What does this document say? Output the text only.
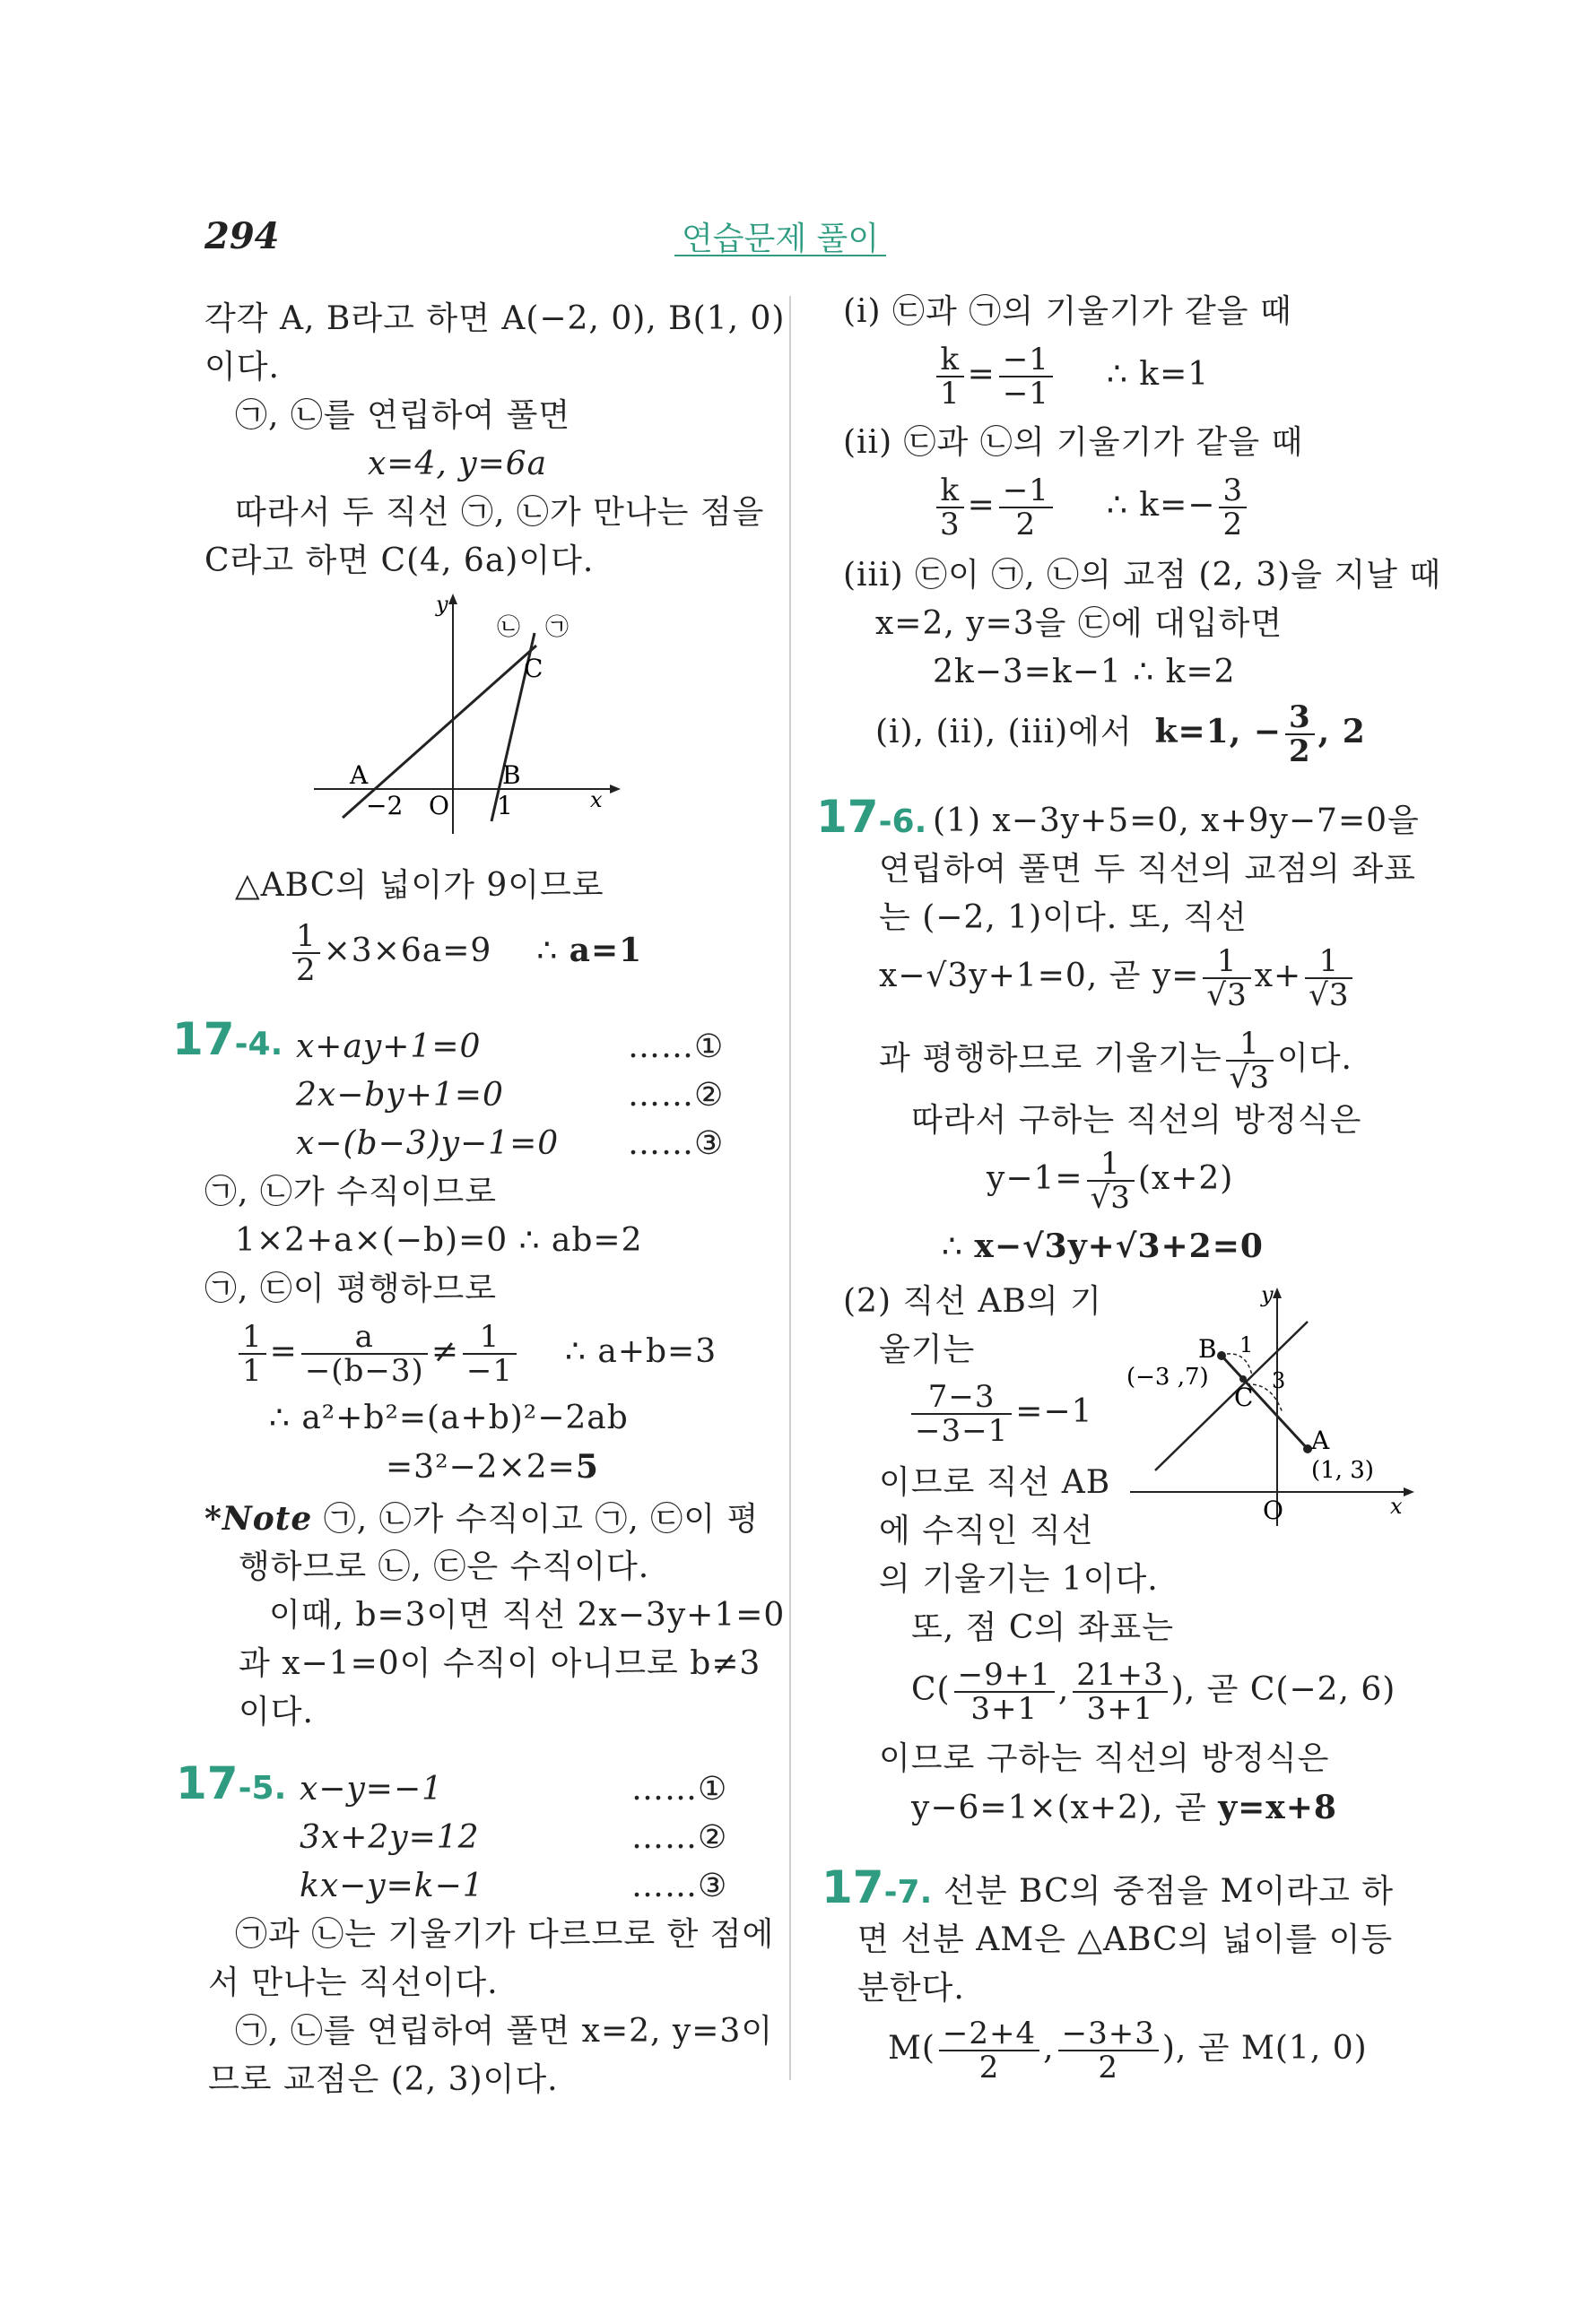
294	연습문제 풀이
각각 A, B라고 하면 A(−2, 0), B(1, 0)
이다.
㉠, ㉡를 연립하여 풀면
x=4, y=6a
따라서 두 직선 ㉠, ㉡가 만나는 점을
C라고 하면 C(4, 6a)이다.
y
x
㉡ ㉠
C
A	B
−2 O 1
△ABC의 넓이가 9이므로
$\frac{1}{2} \times 3\times 6a=9$ ∴ a=1
17-4. x+ay+1=0	……①
2x−by+1=0	……②
x−(b−3)y−1=0 ……③
㉠, ㉡가 수직이므로
1×2+a×(−b)=0 ∴ ab=2
㉠, ㉢이 평행하므로
$\frac{1}{1} = \frac{a}{-(b-3)} \ne \frac{1}{-1}$ ∴ a+b=3
∴ a²+b²=(a+b)²−2ab
=3²−2×2=5
*Note ㉠, ㉡가 수직이고 ㉠, ㉢이 평
행하므로 ㉡, ㉢은 수직이다.
이때, b=3이면 직선 2x−3y+1=0
과 x−1=0이 수직이 아니므로 b≠3
이다.
17-5. x−y=−1	……①
3x+2y=12	……②
kx−y=k−1	……③
㉠과 ㉡는 기울기가 다르므로 한 점에
서 만나는 직선이다.
㉠, ㉡를 연립하여 풀면 x=2, y=3이
므로 교점은 (2, 3)이다.
(i) ㉢과 ㉠의 기울기가 같을 때
$\frac{k}{1} = \frac{-1}{-1}$ ∴ k=1
(ii) ㉢과 ㉡의 기울기가 같을 때
$\frac{k}{3} = \frac{-1}{2}$ ∴ $k=- \frac{3}{2}$
(iii) ㉢이 ㉠, ㉡의 교점 (2, 3)을 지날 때
x=2, y=3을 ㉢에 대입하면
2k−3=k−1 ∴ k=2
(i), (ii), (iii)에서 k=1, − $\frac{3}{2}$ , 2
17-6. (1) x−3y+5=0, x+9y−7=0을
연립하여 풀면 두 직선의 교점의 좌표
는 (−2, 1)이다. 또, 직선
x−√3y+1=0, 곧 $y= \frac{1}{√3} x+ \frac{1}{√3}$
과 평행하므로 기울기는 $\frac{1}{√3}$ 이다.
따라서 구하는 직선의 방정식은
$y-1= \frac{1}{√3} (x+2)$
∴ x−√3y+√3+2=0
(2) 직선 AB의 기
울기는
$\frac{7-3}{-3-1} =-1$
이므로 직선 AB
에 수직인 직선
의 기울기는 1이다.
y
x
B 1
(−3 ,7)
C
3
A
(1, 3)
O
또, 점 C의 좌표는
$C( \frac{-9+1}{3+1}$ , $\frac{21+3}{3+1}$ ), 곧 C(−2, 6)
이므로 구하는 직선의 방정식은
y−6=1×(x+2), 곧 y=x+8
17-7. 선분 BC의 중점을 M이라고 하
면 선분 AM은 △ABC의 넓이를 이등
분한다.
$M( \frac{-2+4}{2}$ , $\frac{-3+3}{2}$ ), 곧 M(1, 0)
